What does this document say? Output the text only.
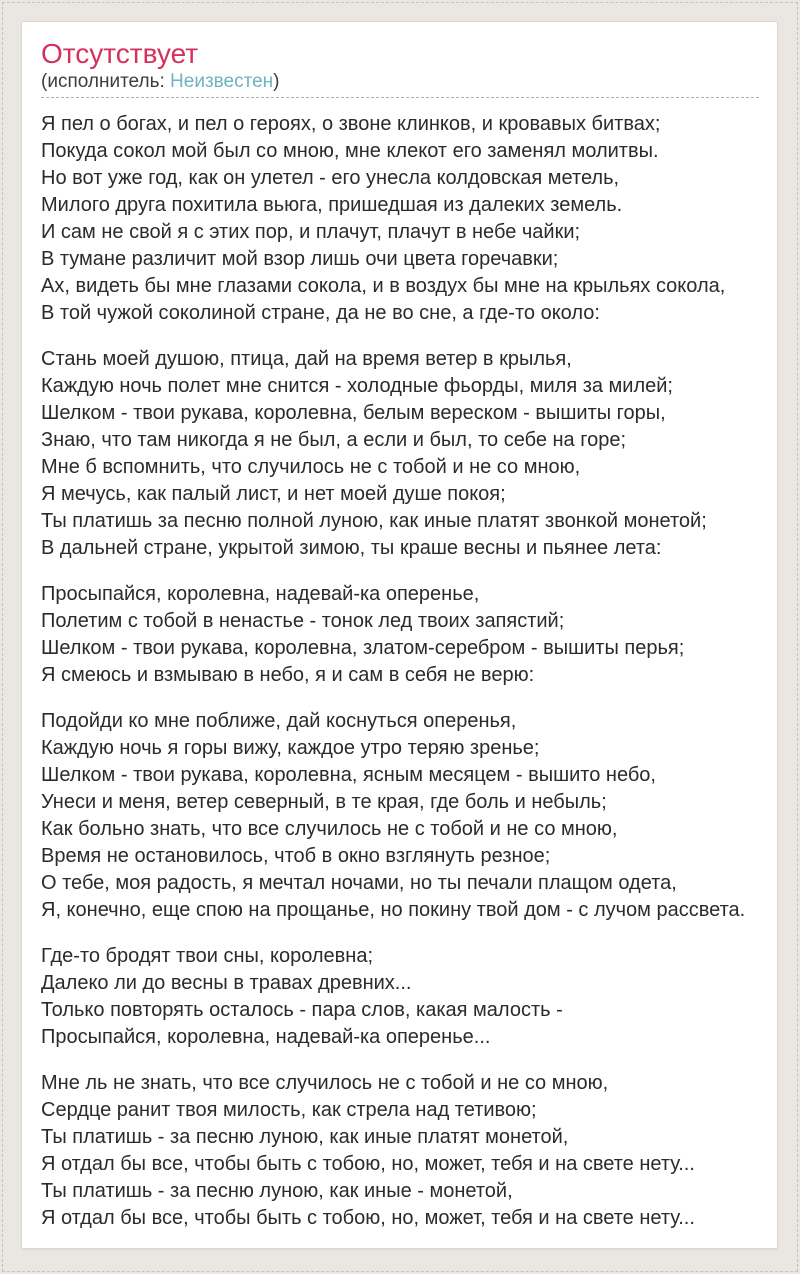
Отсутствует
(исполнитель: Неизвестен)

Я пел о богах, и пел о героях, о звоне клинков, и кровавых битвах;
Покуда сокол мой был со мною, мне клекот его заменял молитвы.
Но вот уже год, как он улетел - его унесла колдовская метель,
Милого друга похитила вьюга, пришедшая из далеких земель.
И сам не свой я с этих пор, и плачут, плачут в небе чайки;
В тумане различит мой взор лишь очи цвета горечавки;
Ах, видеть бы мне глазами сокола, и в воздух бы мне на крыльях сокола,
В той чужой соколиной стране, да не во сне, а где-то около:

Стань моей душою, птица, дай на время ветер в крылья,
Каждую ночь полет мне снится - холодные фьорды, миля за милей;
Шелком - твои рукава, королевна, белым вереском - вышиты горы,
Знаю, что там никогда я не был, а если и был, то себе на горе;
Мне б вспомнить, что случилось не с тобой и не со мною,
Я мечусь, как палый лист, и нет моей душе покоя;
Ты платишь за песню полной луною, как иные платят звонкой монетой;
В дальней стране, укрытой зимою, ты краше весны и пьянее лета:

Просыпайся, королевна, надевай-ка оперенье,
Полетим с тобой в ненастье - тонок лед твоих запястий;
Шелком - твои рукава, королевна, златом-серебром - вышиты перья;
Я смеюсь и взмываю в небо, я и сам в себя не верю:

Подойди ко мне поближе, дай коснуться оперенья,
Каждую ночь я горы вижу, каждое утро теряю зренье;
Шелком - твои рукава, королевна, ясным месяцем - вышито небо,
Унеси и меня, ветер северный, в те края, где боль и небыль;
Как больно знать, что все случилось не с тобой и не со мною,
Время не остановилось, чтоб в окно взглянуть резное;
О тебе, моя радость, я мечтал ночами, но ты печали плащом одета,
Я, конечно, еще спою на прощанье, но покину твой дом - с лучом рассвета.

Где-то бродят твои сны, королевна;
Далеко ли до весны в травах древних...
Только повторять осталось - пара слов, какая малость -
Просыпайся, королевна, надевай-ка оперенье...

Мне ль не знать, что все случилось не с тобой и не со мною,
Сердце ранит твоя милость, как стрела над тетивою;
Ты платишь - за песню луною, как иные платят монетой,
Я отдал бы все, чтобы быть с тобою, но, может, тебя и на свете нету...
Ты платишь - за песню луною, как иные - монетой,
Я отдал бы все, чтобы быть с тобою, но, может, тебя и на свете нету...
